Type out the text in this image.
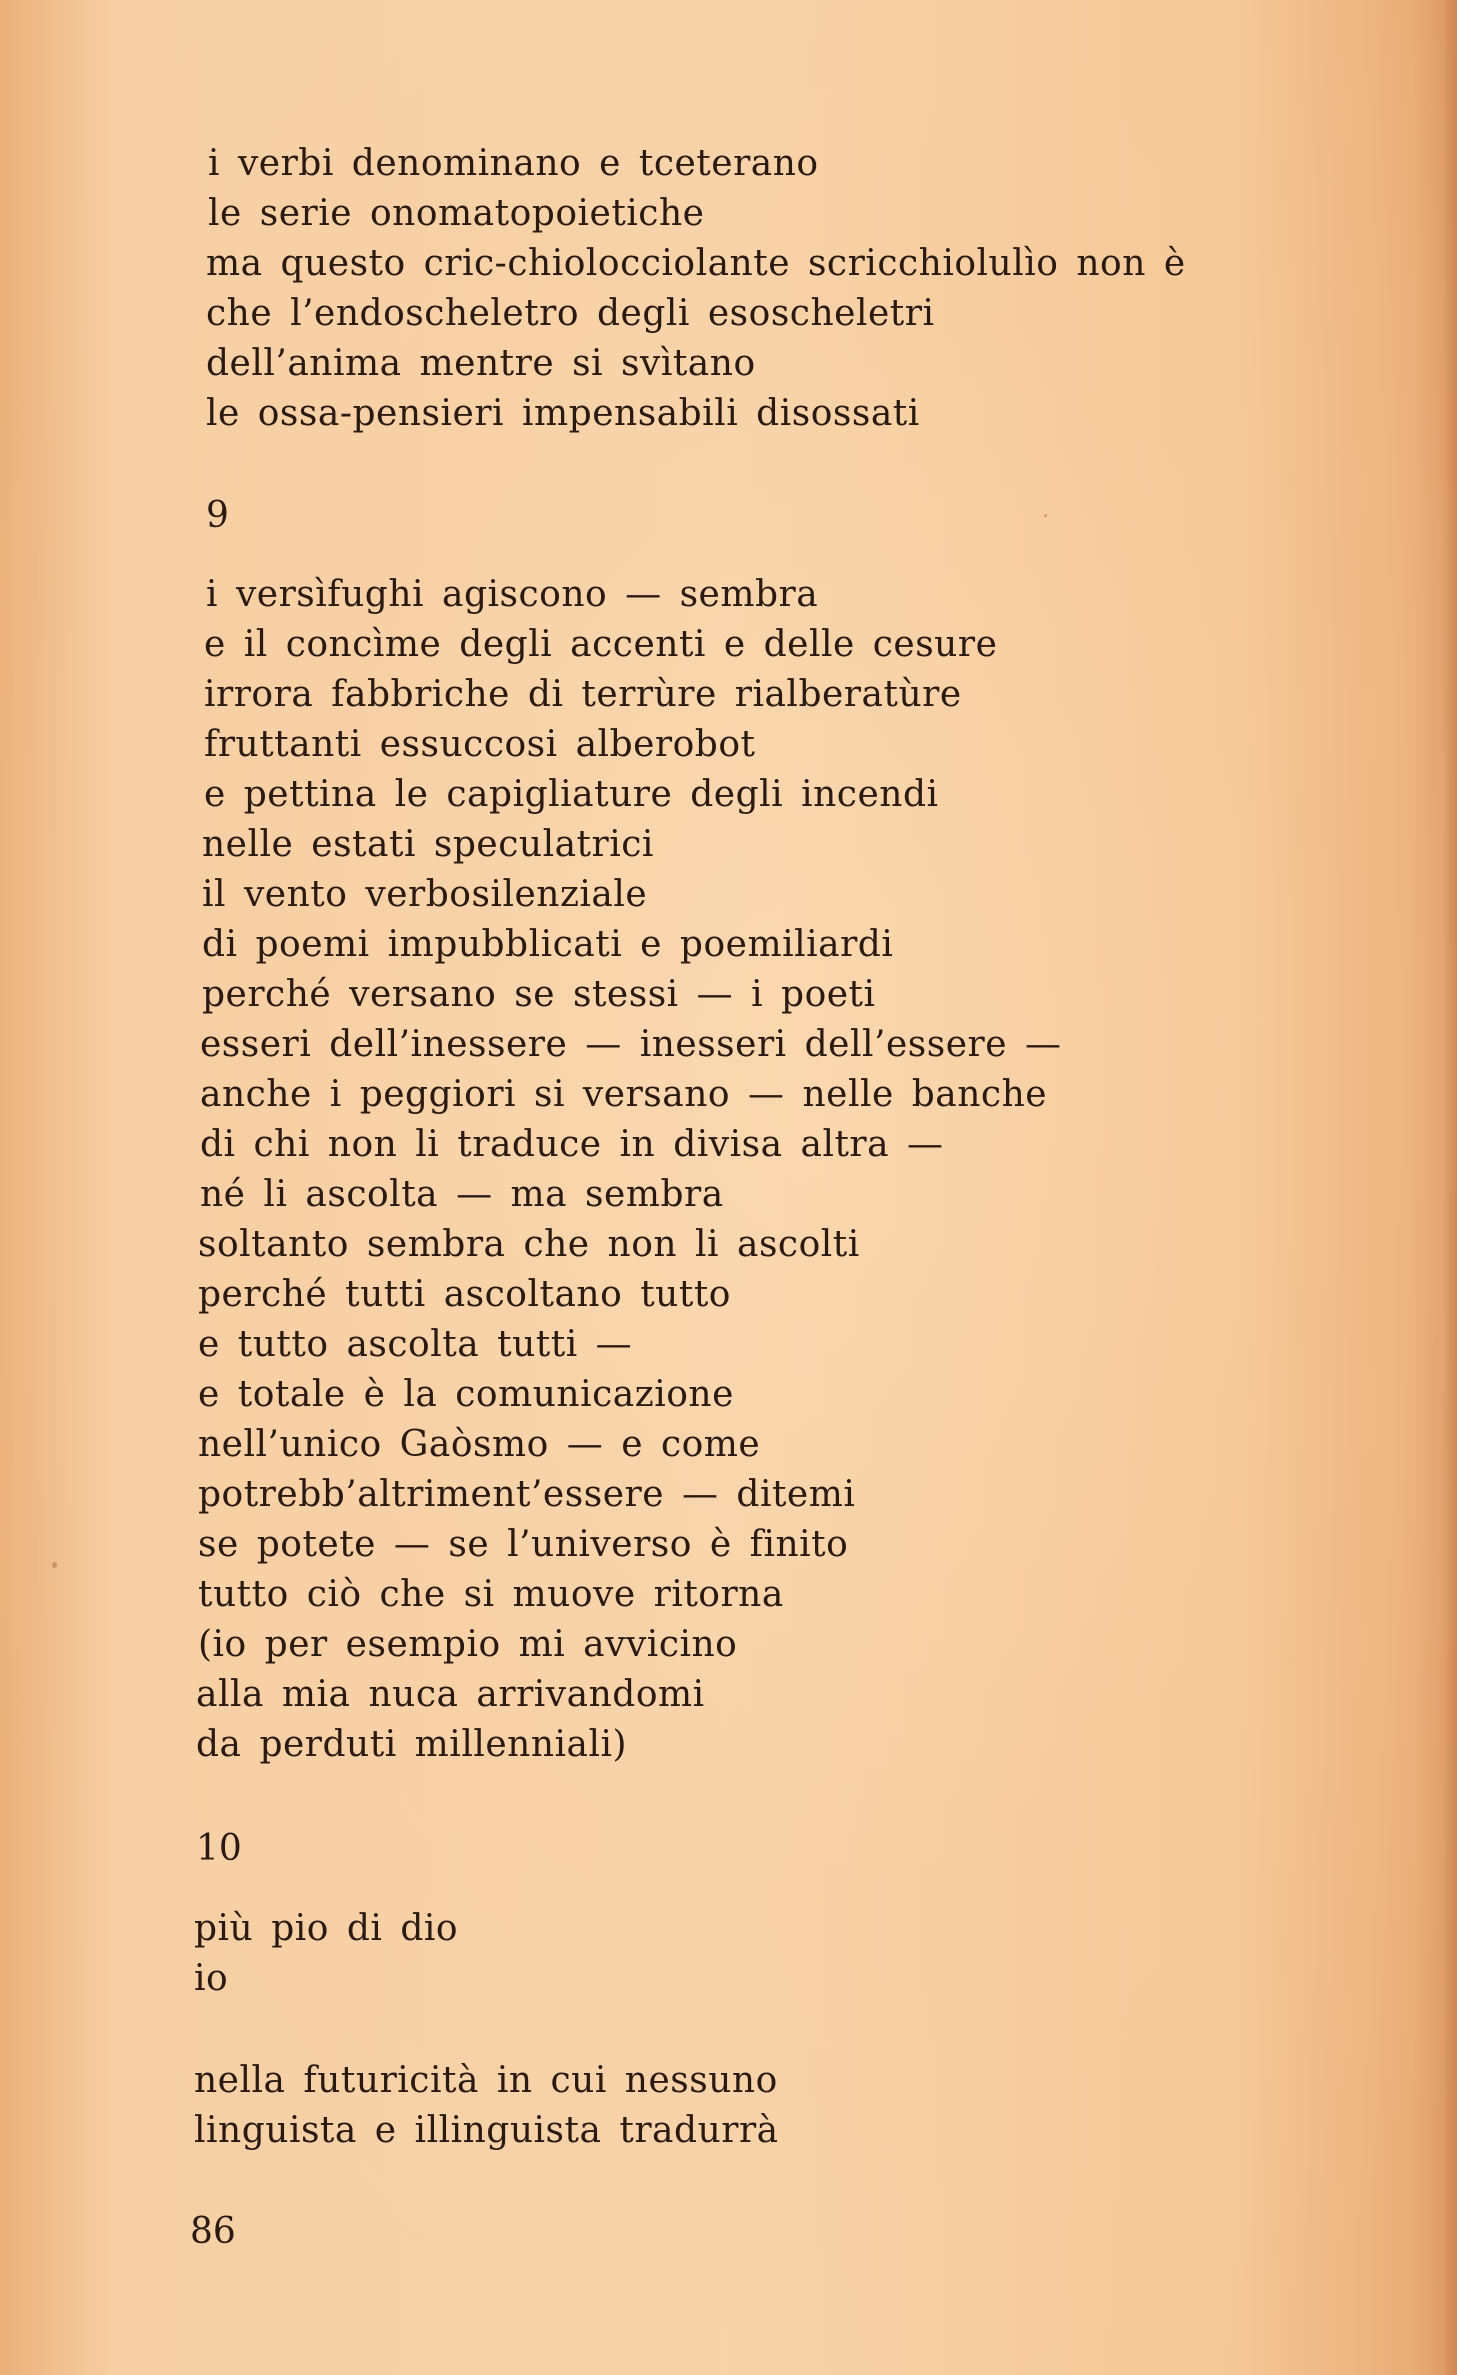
i verbi denominano e tceterano
le serie onomatopoietiche
ma questo cric-chiolocciolante scricchiolulìo non è
che l’endoscheletro degli esoscheletri
dell’anima mentre si svìtano
le ossa-pensieri impensabili disossati
9
i versìfughi agiscono — sembra
e il concìme degli accenti e delle cesure
irrora fabbriche di terrùre rialberatùre
fruttanti essuccosi alberobot
e pettina le capigliature degli incendi
nelle estati speculatrici
il vento verbosilenziale
di poemi impubblicati e poemiliardi
perché versano se stessi — i poeti
esseri dell’inessere — inesseri dell’essere —
anche i peggiori si versano — nelle banche
di chi non li traduce in divisa altra —
né li ascolta — ma sembra
soltanto sembra che non li ascolti
perché tutti ascoltano tutto
e tutto ascolta tutti —
e totale è la comunicazione
nell’unico Gaòsmo — e come
potrebb’altriment’essere — ditemi
se potete — se l’universo è finito
tutto ciò che si muove ritorna
(io per esempio mi avvicino
alla mia nuca arrivandomi
da perduti millenniali)
10
più pio di dio
io
nella futuricità in cui nessuno
linguista e illinguista tradurrà
86
